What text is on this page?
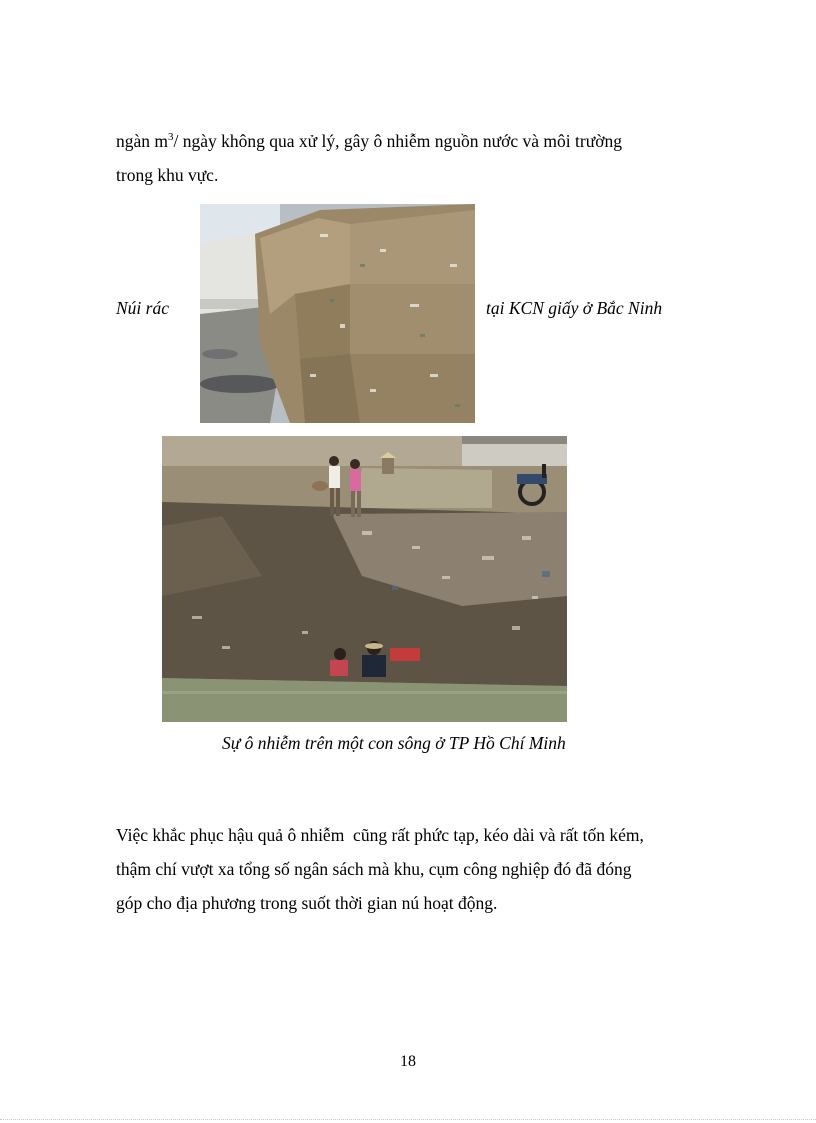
ngàn $m^3/$ ngày không qua xử lý, gây ô nhiễm nguồn nước và môi trường
trong khu vực.
Núi rác	tại KCN giấy ở Bắc Ninh
Sự ô nhiễm trên một con sông ở TP Hồ Chí Minh
Việc khắc phục hậu quả ô nhiễm  cũng rất phức tạp, kéo dài và rất tốn kém,
thậm chí vượt xa tổng số ngân sách mà khu, cụm công nghiệp đó đã đóng
góp cho địa phương trong suốt thời gian nú hoạt động.
18
